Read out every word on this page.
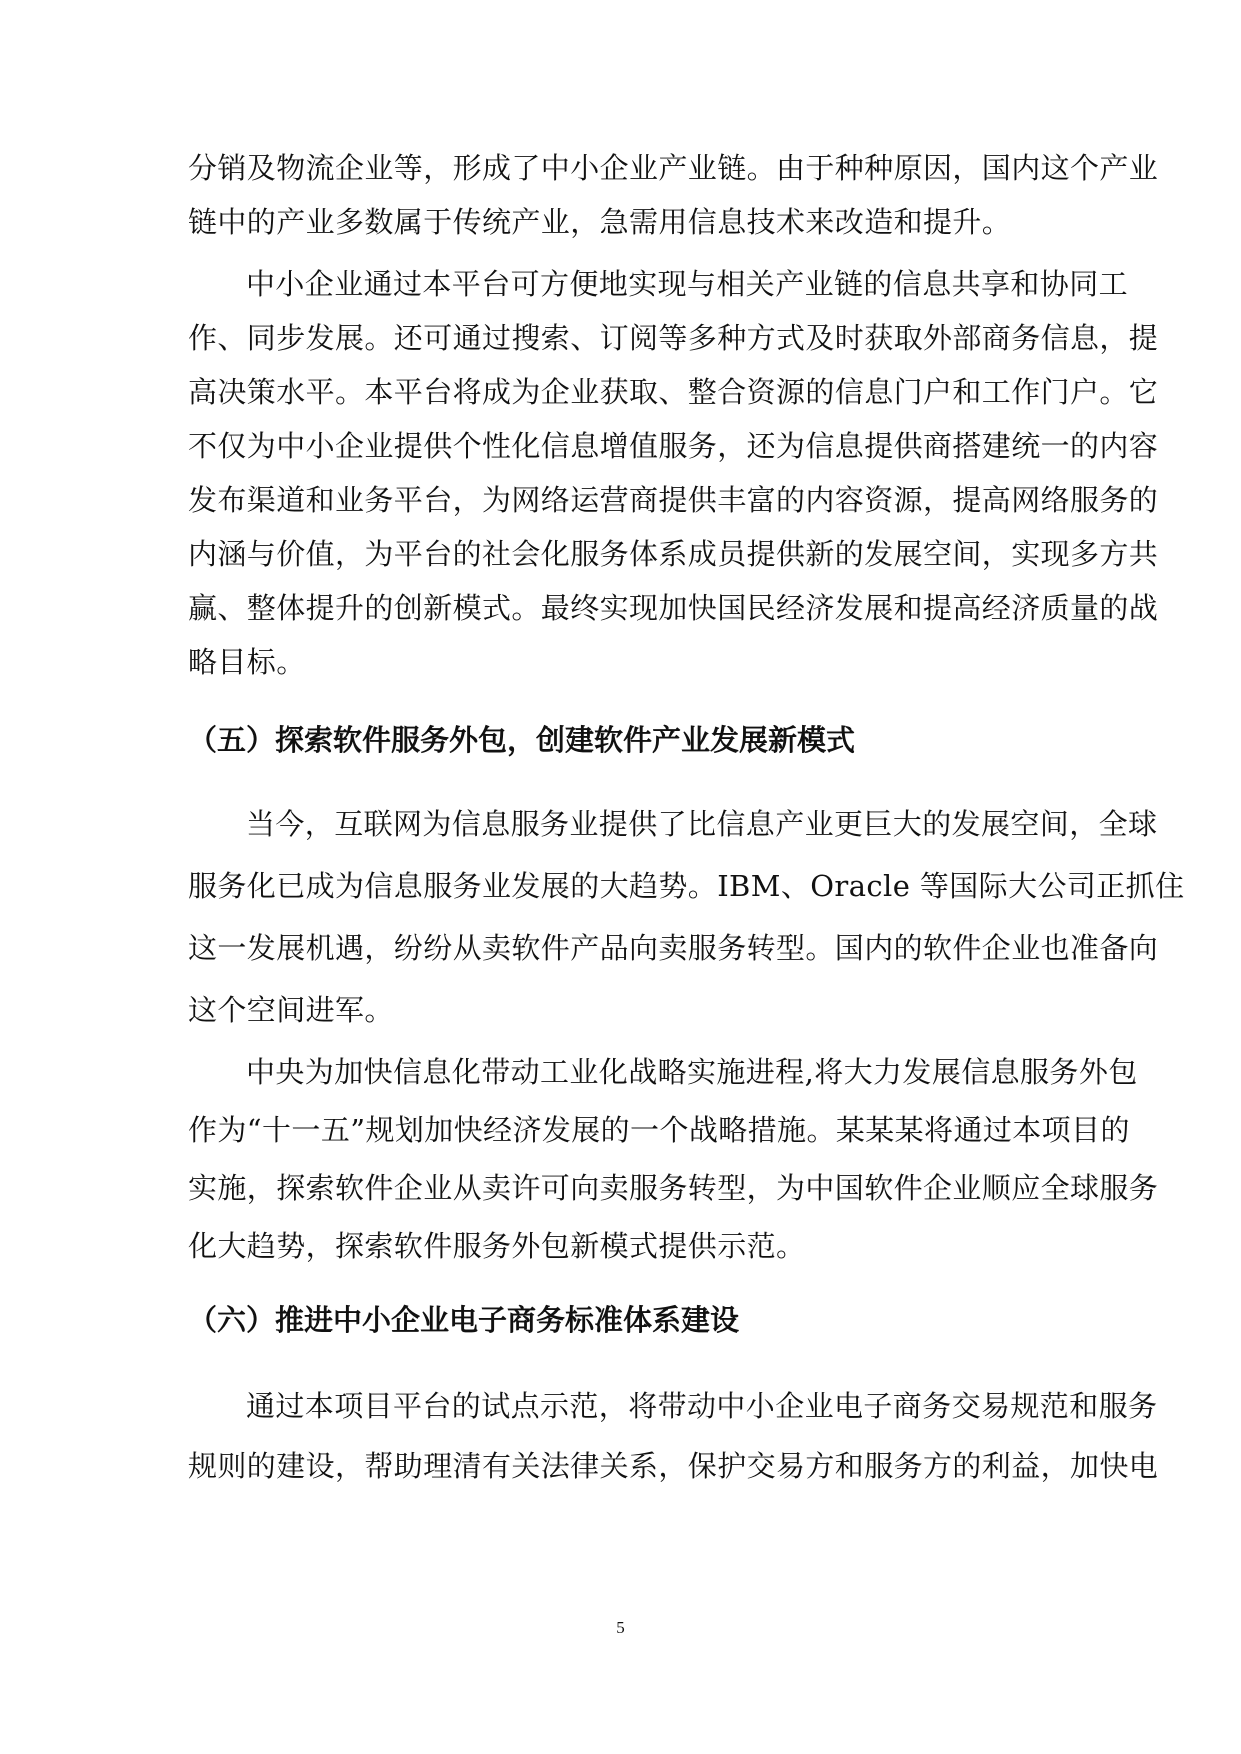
分销及物流企业等，形成了中小企业产业链。由于种种原因，国内这个产业
链中的产业多数属于传统产业，急需用信息技术来改造和提升。
中小企业通过本平台可方便地实现与相关产业链的信息共享和协同工
作、同步发展。还可通过搜索、订阅等多种方式及时获取外部商务信息，提
高决策水平。本平台将成为企业获取、整合资源的信息门户和工作门户。它
不仅为中小企业提供个性化信息增值服务，还为信息提供商搭建统一的内容
发布渠道和业务平台，为网络运营商提供丰富的内容资源，提高网络服务的
内涵与价值，为平台的社会化服务体系成员提供新的发展空间，实现多方共
赢、整体提升的创新模式。最终实现加快国民经济发展和提高经济质量的战
略目标。
（五）探索软件服务外包，创建软件产业发展新模式
当今，互联网为信息服务业提供了比信息产业更巨大的发展空间，全球
服务化已成为信息服务业发展的大趋势。IBM、Oracle 等国际大公司正抓住
这一发展机遇，纷纷从卖软件产品向卖服务转型。国内的软件企业也准备向
这个空间进军。
中央为加快信息化带动工业化战略实施进程,将大力发展信息服务外包
作为“十一五”规划加快经济发展的一个战略措施。某某某将通过本项目的
实施，探索软件企业从卖许可向卖服务转型，为中国软件企业顺应全球服务
化大趋势，探索软件服务外包新模式提供示范。
（六）推进中小企业电子商务标准体系建设
通过本项目平台的试点示范，将带动中小企业电子商务交易规范和服务
规则的建设，帮助理清有关法律关系，保护交易方和服务方的利益，加快电
5
